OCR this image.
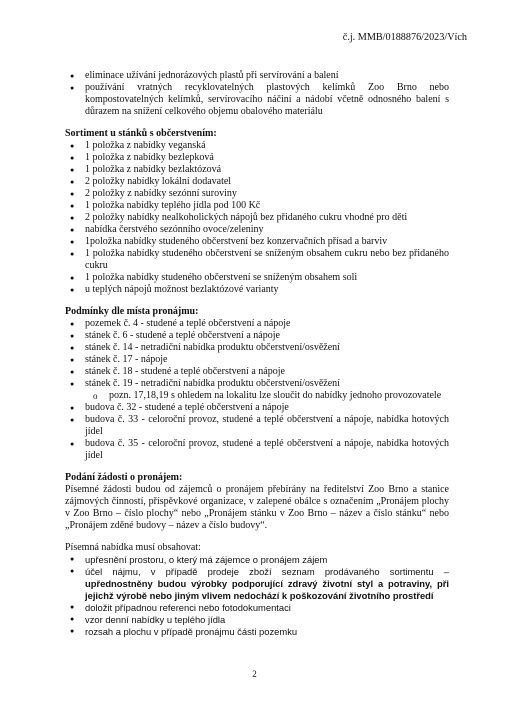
č.j. MMB/0188876/2023/Vích
● eliminace užívání jednorázových plastů při servírování a balení
● používání vratných recyklovatelných plastových kelímků Zoo Brno nebo kompostovatelných kelímků, servírovacího náčiní a nádobí včetně odnosného balení s důrazem na snížení celkového objemu obalového materiálu
Sortiment u stánků s občerstvením:
● 1 položka z nabídky veganská
● 1 položka z nabídky bezlepková
● 1 položka z nabídky bezlaktózová
● 2 položky nabídky lokální dodavatel
● 2 položky z nabídky sezónní suroviny
● 1 položka nabídky teplého jídla pod 100 Kč
● 2 položky nabídky nealkoholických nápojů bez přidaného cukru vhodné pro děti
● nabídka čerstvého sezónního ovoce/zeleniny
● 1položka nabídky studeného občerstvení bez konzervačních přísad a barviv
● 1 položka nabídky studeného občerstvení se sníženým obsahem cukru nebo bez přidaného cukru
● 1 položka nabídky studeného občerstvení se sníženým obsahem soli
● u teplých nápojů možnost bezlaktózové varianty
Podmínky dle místa pronájmu:
● pozemek č. 4 - studené a teplé občerstvení a nápoje
● stánek č. 6 - studené a teplé občerstvení a nápoje
● stánek č. 14 - netradiční nabídka produktu občerstvení/osvěžení
● stánek č. 17 - nápoje
● stánek č. 18 - studené a teplé občerstvení a nápoje
● stánek č. 19 - netradiční nabídka produktu občerstvení/osvěžení
o pozn. 17,18,19 s ohledem na lokalitu lze sloučit do nabídky jednoho provozovatele
● budova č. 32 - studené a teplé občerstvení a nápoje
● budova č. 33 - celoroční provoz, studené a teplé občerstvení a nápoje, nabídka hotových jídel
● budova č. 35 - celoroční provoz, studené a teplé občerstvení a nápoje, nabídka hotových jídel
Podání žádosti o pronájem:
Písemné žádosti budou od zájemců o pronájem přebírány na ředitelství Zoo Brno a stanice zájmových činností, příspěvkové organizace, v zalepené obálce s označením „Pronájem plochy v Zoo Brno – číslo plochy“ nebo „Pronájem stánku v Zoo Brno – název a číslo stánku“ nebo „Pronájem zděné budovy – název a číslo budovy“.
Písemná nabídka musí obsahovat:
● upřesnění prostoru, o který má zájemce o pronájem zájem
● účel nájmu, v případě prodeje zboží seznam prodávaného sortimentu – upřednostněny budou výrobky podporující zdravý životní styl a potraviny, při jejichž výrobě nebo jiným vlivem nedochází k poškozování životního prostředí
● doložit případnou referenci nebo fotodokumentaci
● vzor denní nabídky u teplého jídla
● rozsah a plochu v případě pronájmu části pozemku
2
